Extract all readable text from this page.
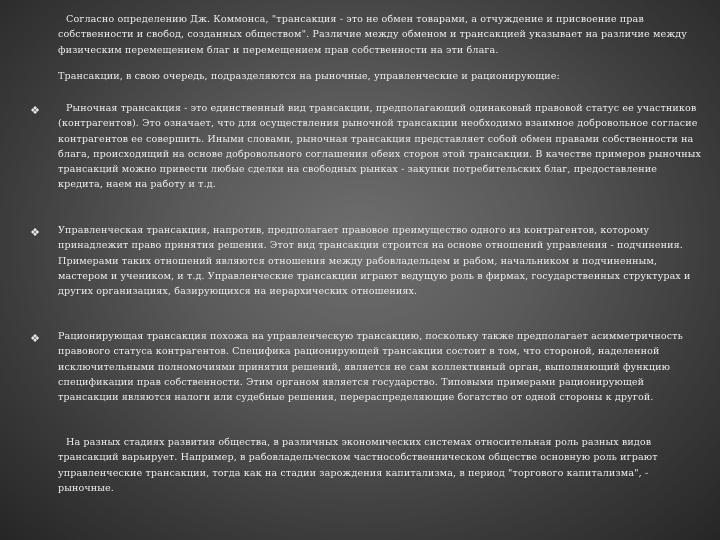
Согласно определению Дж. Коммонса, "трансакция - это не обмен товарами, а отчуждение и присвоение прав собственности и свобод, созданных обществом". Различие между обменом и трансакцией указывает на различие между физическим перемещением благ и перемещением прав собственности на эти блага.

Трансакции, в свою очередь, подразделяются на рыночные, управленческие и рационирующие:

❖	Рыночная трансакция - это единственный вид трансакции, предполагающий одинаковый правовой статус ее участников (контрагентов). Это означает, что для осуществления рыночной трансакции необходимо взаимное добровольное согласие контрагентов ее совершить. Иными словами, рыночная трансакция представляет собой обмен правами собственности на блага, происходящий на основе добровольного соглашения обеих сторон этой трансакции. В качестве примеров рыночных трансакций можно привести любые сделки на свободных рынках - закупки потребительских благ, предоставление кредита, наем на работу и т.д.

❖ Управленческая трансакция, напротив, предполагает правовое преимущество одного из контрагентов, которому принадлежит право принятия решения. Этот вид трансакции строится на основе отношений управления - подчинения. Примерами таких отношений являются отношения между рабовладельцем и рабом, начальником и подчиненным, мастером и учеником, и т.д. Управленческие трансакции играют ведущую роль в фирмах, государственных структурах и других организациях, базирующихся на иерархических отношениях.

❖ Рационирующая трансакция похожа на управленческую трансакцию, поскольку также предполагает асимметричность правового статуса контрагентов. Специфика рационирующей трансакции состоит в том, что стороной, наделенной исключительными полномочиями принятия решений, является не сам коллективный орган, выполняющий функцию спецификации прав собственности. Этим органом является государство. Типовыми примерами рационирующей трансакции являются налоги или судебные решения, перераспределяющие богатство от одной стороны к другой.

На разных стадиях развития общества, в различных экономических системах относительная роль разных видов трансакций варьирует. Например, в рабовладельческом частнособственническом обществе основную роль играют управленческие трансакции, тогда как на стадии зарождения капитализма, в период "торгового капитализма", - рыночные.
